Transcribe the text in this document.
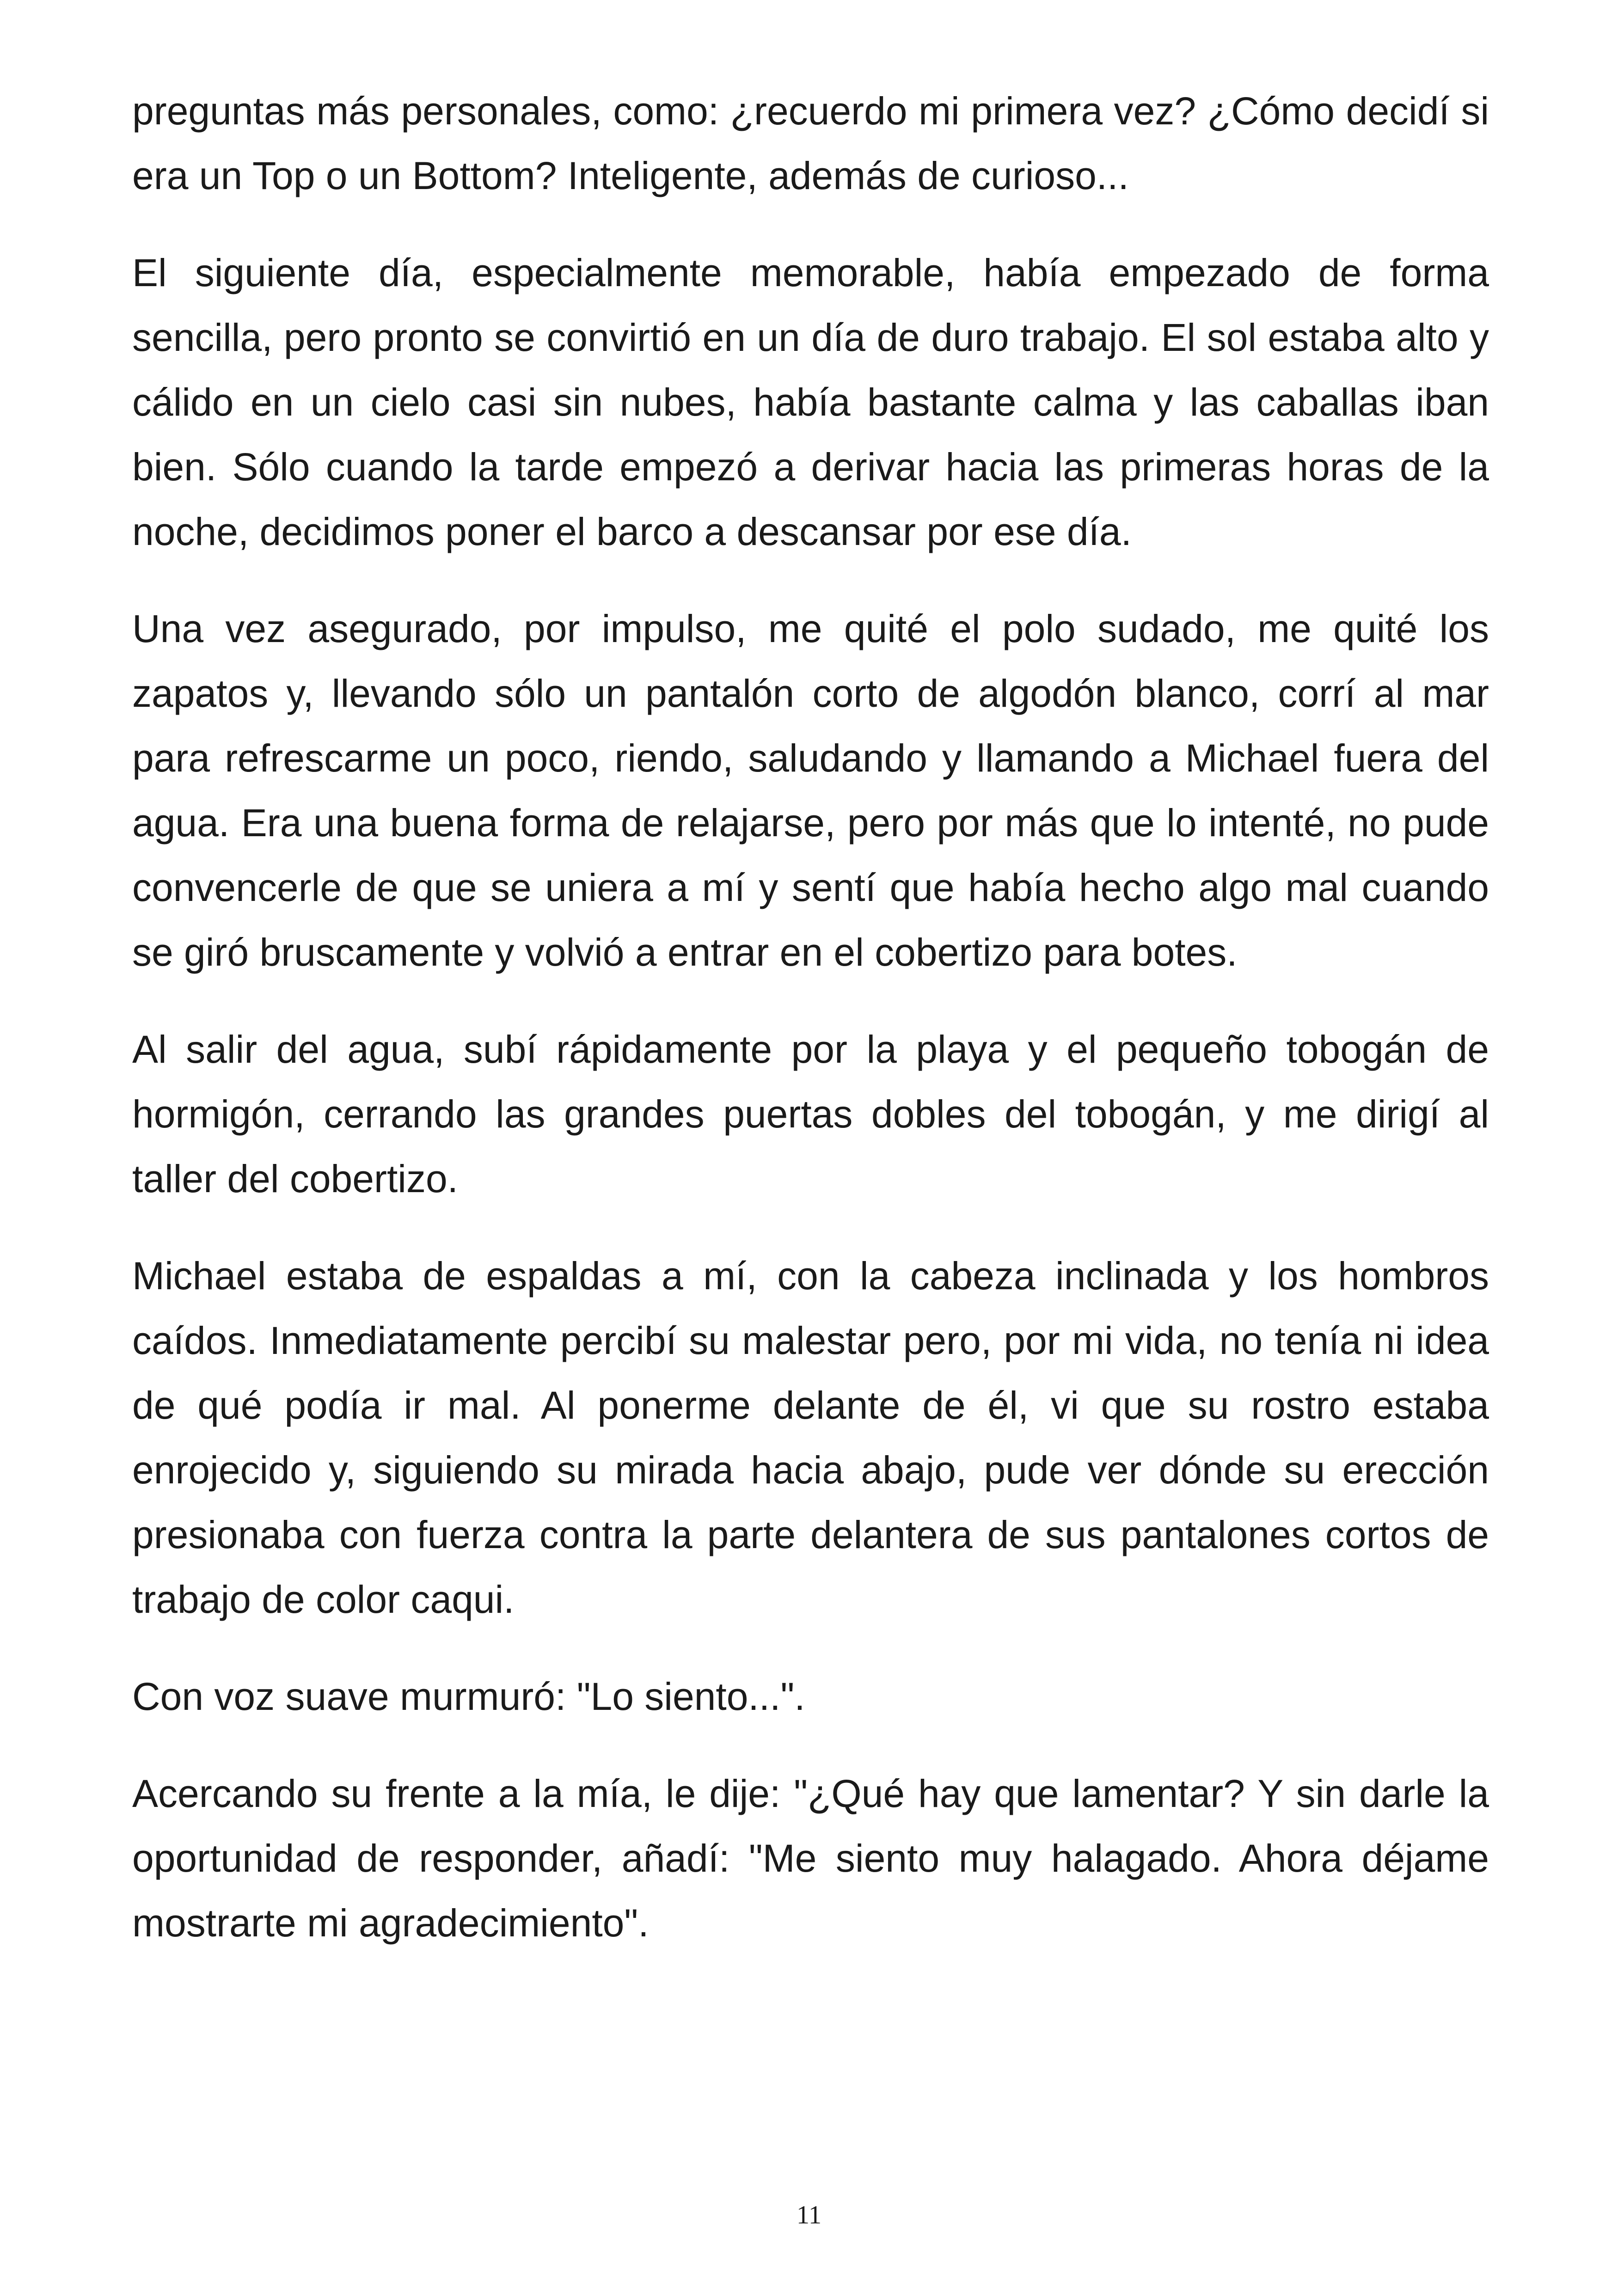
preguntas más personales, como: ¿recuerdo mi primera vez? ¿Cómo decidí si era un Top o un Bottom? Inteligente, además de curioso...

El siguiente día, especialmente memorable, había empezado de forma sencilla, pero pronto se convirtió en un día de duro trabajo. El sol estaba alto y cálido en un cielo casi sin nubes, había bastante calma y las caballas iban bien. Sólo cuando la tarde empezó a derivar hacia las primeras horas de la noche, decidimos poner el barco a descansar por ese día.

Una vez asegurado, por impulso, me quité el polo sudado, me quité los zapatos y, llevando sólo un pantalón corto de algodón blanco, corrí al mar para refrescarme un poco, riendo, saludando y llamando a Michael fuera del agua. Era una buena forma de relajarse, pero por más que lo intenté, no pude convencerle de que se uniera a mí y sentí que había hecho algo mal cuando se giró bruscamente y volvió a entrar en el cobertizo para botes.

Al salir del agua, subí rápidamente por la playa y el pequeño tobogán de hormigón, cerrando las grandes puertas dobles del tobogán, y me dirigí al taller del cobertizo.

Michael estaba de espaldas a mí, con la cabeza inclinada y los hombros caídos. Inmediatamente percibí su malestar pero, por mi vida, no tenía ni idea de qué podía ir mal. Al ponerme delante de él, vi que su rostro estaba enrojecido y, siguiendo su mirada hacia abajo, pude ver dónde su erección presionaba con fuerza contra la parte delantera de sus pantalones cortos de trabajo de color caqui.

Con voz suave murmuró: "Lo siento...".

Acercando su frente a la mía, le dije: "¿Qué hay que lamentar? Y sin darle la oportunidad de responder, añadí: "Me siento muy halagado. Ahora déjame mostrarte mi agradecimiento".

11
